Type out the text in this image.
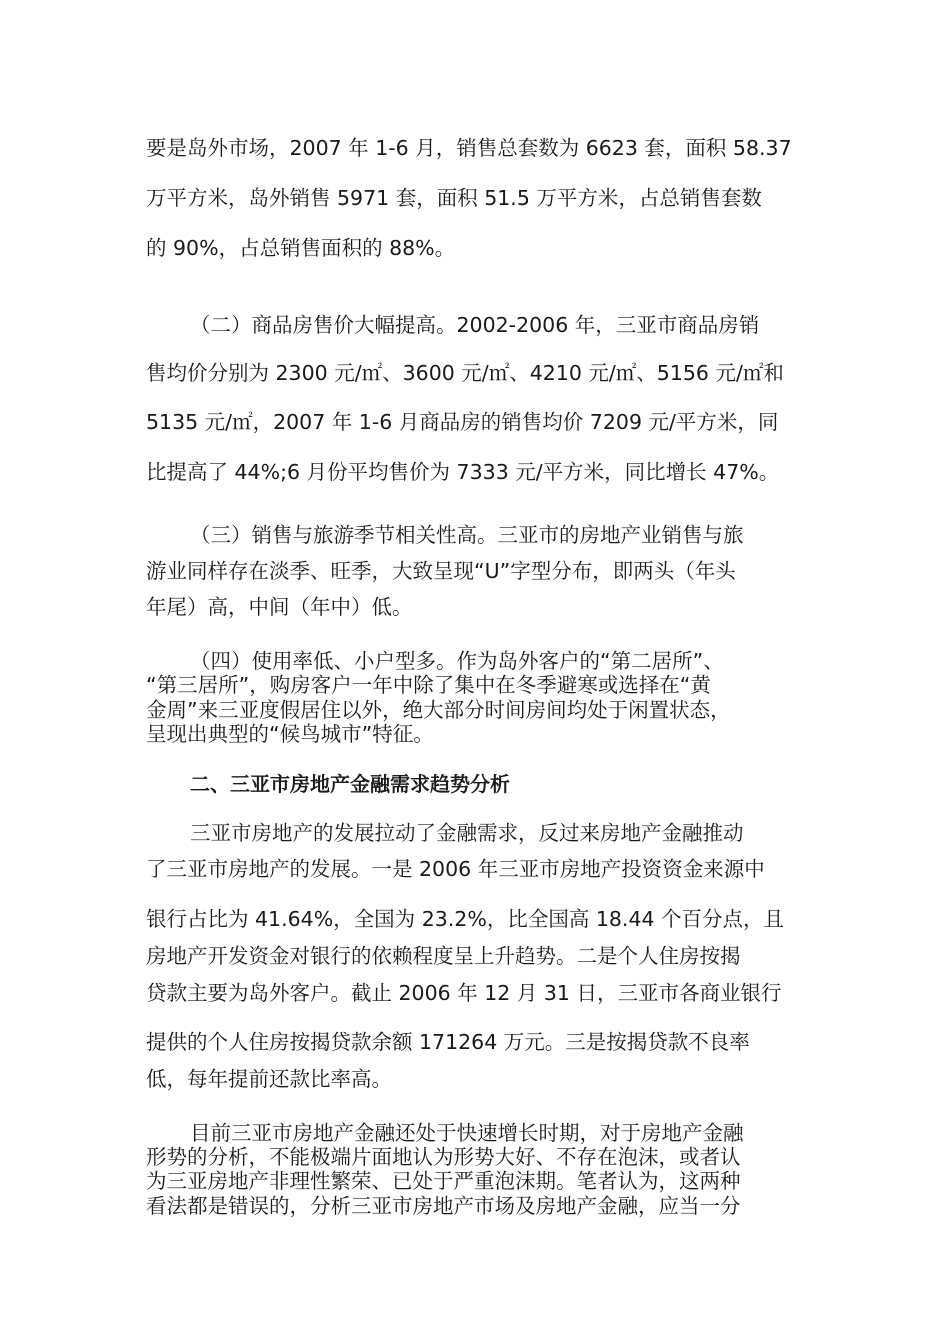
要是岛外市场，2007 年 1-6 月，销售总套数为 6623 套，面积 58.37
万平方米，岛外销售 5971 套，面积 51.5 万平方米，占总销售套数
的 90%，占总销售面积的 88%。
（二）商品房售价大幅提高。2002-2006 年，三亚市商品房销
售均价分别为 2300 元/㎡、3600 元/㎡、4210 元/㎡、5156 元/㎡和
5135 元/㎡，2007 年 1-6 月商品房的销售均价 7209 元/平方米，同
比提高了 44%;6 月份平均售价为 7333 元/平方米，同比增长 47%。
（三）销售与旅游季节相关性高。三亚市的房地产业销售与旅
游业同样存在淡季、旺季，大致呈现“U”字型分布，即两头（年头
年尾）高，中间（年中）低。
（四）使用率低、小户型多。作为岛外客户的“第二居所”、
“第三居所”，购房客户一年中除了集中在冬季避寒或选择在“黄
金周”来三亚度假居住以外，绝大部分时间房间均处于闲置状态，
呈现出典型的“候鸟城市”特征。
二、三亚市房地产金融需求趋势分析
三亚市房地产的发展拉动了金融需求，反过来房地产金融推动
了三亚市房地产的发展。一是 2006 年三亚市房地产投资资金来源中
银行占比为 41.64%，全国为 23.2%，比全国高 18.44 个百分点，且
房地产开发资金对银行的依赖程度呈上升趋势。二是个人住房按揭
贷款主要为岛外客户。截止 2006 年 12 月 31 日，三亚市各商业银行
提供的个人住房按揭贷款余额 171264 万元。三是按揭贷款不良率
低，每年提前还款比率高。
目前三亚市房地产金融还处于快速增长时期，对于房地产金融
形势的分析，不能极端片面地认为形势大好、不存在泡沫，或者认
为三亚房地产非理性繁荣、已处于严重泡沫期。笔者认为，这两种
看法都是错误的，分析三亚市房地产市场及房地产金融，应当一分
